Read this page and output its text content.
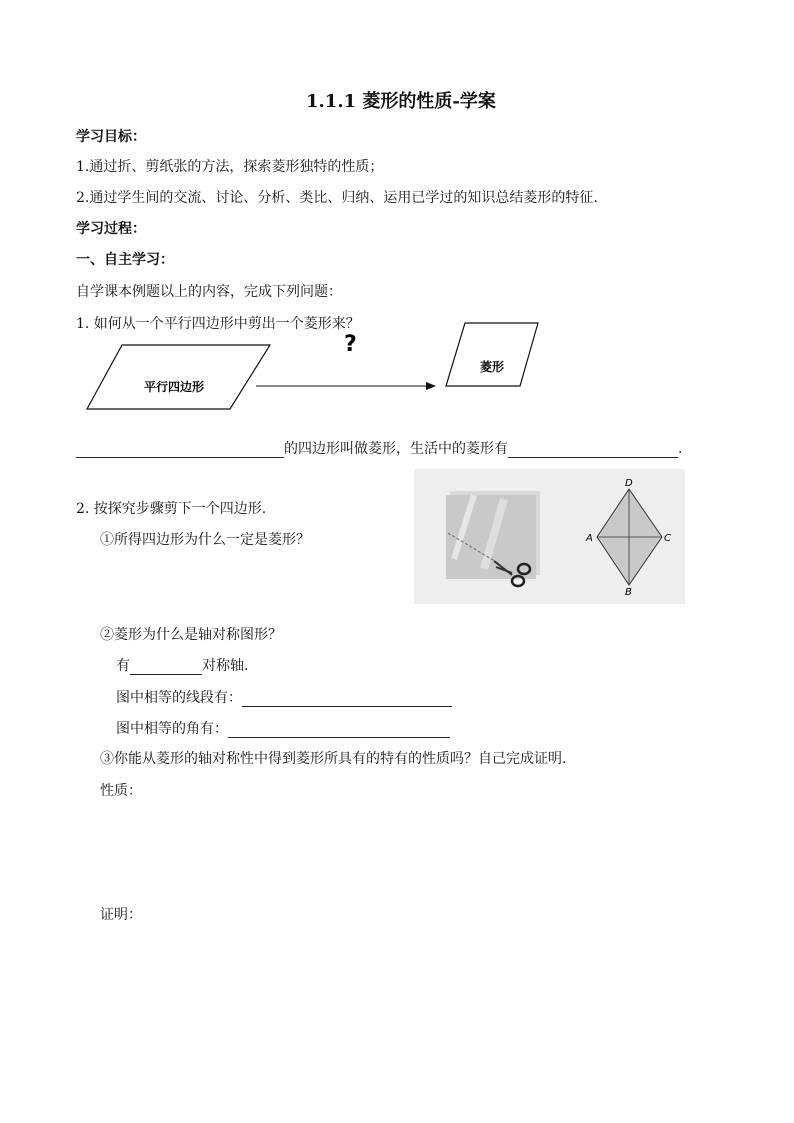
1.1.1 菱形的性质-学案
学习目标：
1.通过折、剪纸张的方法，探索菱形独特的性质；
2.通过学生间的交流、讨论、分析、类比、归纳、运用已学过的知识总结菱形的特征.
学习过程：
一、自主学习：
自学课本例题以上的内容，完成下列问题：
1. 如何从一个平行四边形中剪出一个菱形来？
平行四边形
?
菱形
的四边形叫做菱形，生活中的菱形有	.
2. 按探究步骤剪下一个四边形.
①所得四边形为什么一定是菱形？
D
A	C
B
②菱形为什么是轴对称图形？
有	对称轴.
图中相等的线段有：
图中相等的角有：
③你能从菱形的轴对称性中得到菱形所具有的特有的性质吗？自己完成证明.
性质：
证明：
